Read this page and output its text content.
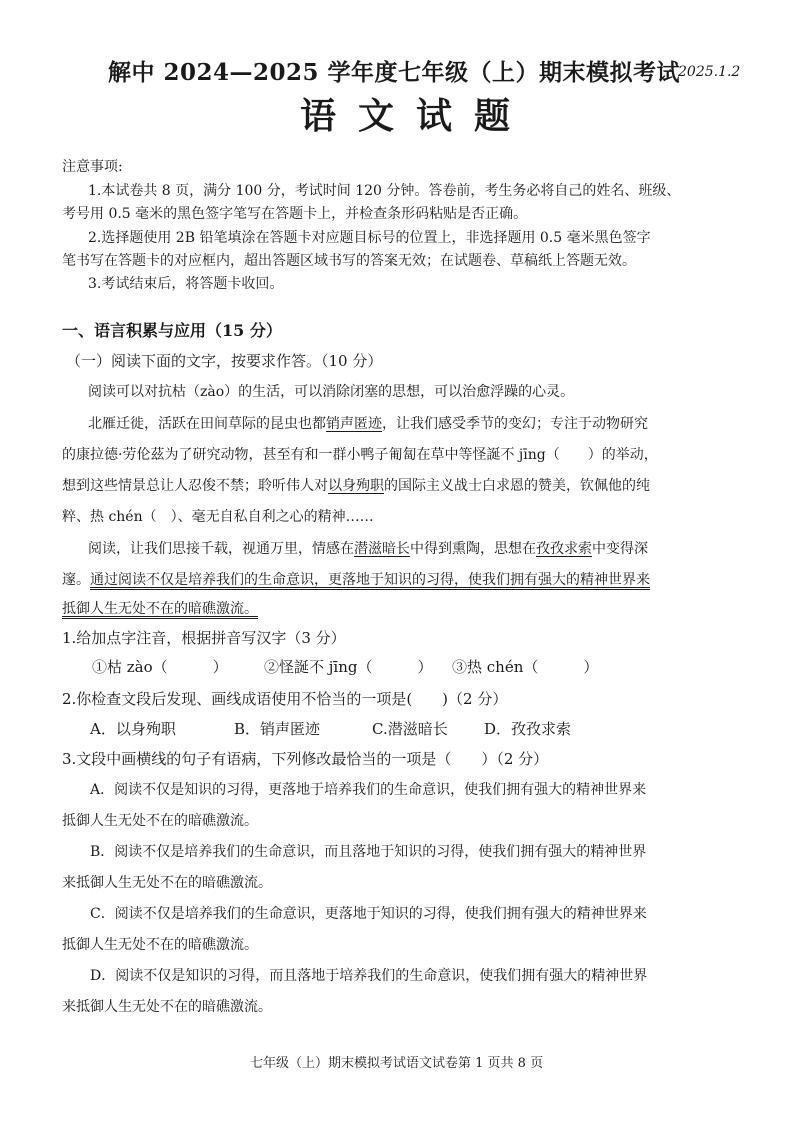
解中 2024—2025 学年度七年级（上）期末模拟考试
2025.1.2
语文试题
注意事项:
1.本试卷共 8 页，满分 100 分，考试时间 120 分钟。答卷前，考生务必将自己的姓名、班级、
考号用 0.5 毫米的黑色签字笔写在答题卡上，并检查条形码粘贴是否正确。
2.选择题使用 2B 铅笔填涂在答题卡对应题目标号的位置上，非选择题用 0.5 毫米黑色签字
笔书写在答题卡的对应框内，超出答题区域书写的答案无效；在试题卷、草稿纸上答题无效。
3.考试结束后，将答题卡收回。
一、语言积累与应用（15 分）
（一）阅读下面的文字，按要求作答。（10 分）
阅读可以对抗枯（zào）的生活，可以消除闭塞的思想，可以治愈浮躁的心灵。
北雁迁徙，活跃在田间草际的昆虫也都销声匿迹，让我们感受季节的变幻；专注于动物研究
的康拉德·劳伦茲为了研究动物，甚至有和一群小鸭子匍匐在草中等怪誕不 jīng（　　）的举动，
想到这些情景总让人忍俊不禁；聆听伟人对以身殉职的国际主义战士白求恩的赞美，钦佩他的纯
粹、热 chén（　）、毫无自私自利之心的精神……
阅读，让我们思接千载，视通万里，情感在潜滋暗长中得到熏陶，思想在孜孜求索中变得深
邃。通过阅读不仅是培养我们的生命意识，更落地于知识的习得，使我们拥有强大的精神世界来
抵御人生无处不在的暗礁激流。
1.给加点字注音，根据拼音写汉字（3 分）
①枯 zào（　　　） ②怪誕不 jīng（　　　） ③热 chén（　　　）
2.你检查文段后发现、画线成语使用不恰当的一项是(　　)（2 分）
A．以身殉职	B．销声匿迹	C.潜滋暗长 D．孜孜求索
3.文段中画横线的句子有语病，下列修改最恰当的一项是（　　）（2 分）
A．阅读不仅是知识的习得，更落地于培养我们的生命意识，使我们拥有强大的精神世界来
抵御人生无处不在的暗礁激流。
B．阅读不仅是培养我们的生命意识，而且落地于知识的习得，使我们拥有强大的精神世界
来抵御人生无处不在的暗礁激流。
C．阅读不仅是培养我们的生命意识，更落地于知识的习得，使我们拥有强大的精神世界来
抵御人生无处不在的暗礁激流。
D．阅读不仅是知识的习得，而且落地于培养我们的生命意识，使我们拥有强大的精神世界
来抵御人生无处不在的暗礁激流。
七年级（上）期末模拟考试语文试卷第 1 页共 8 页
